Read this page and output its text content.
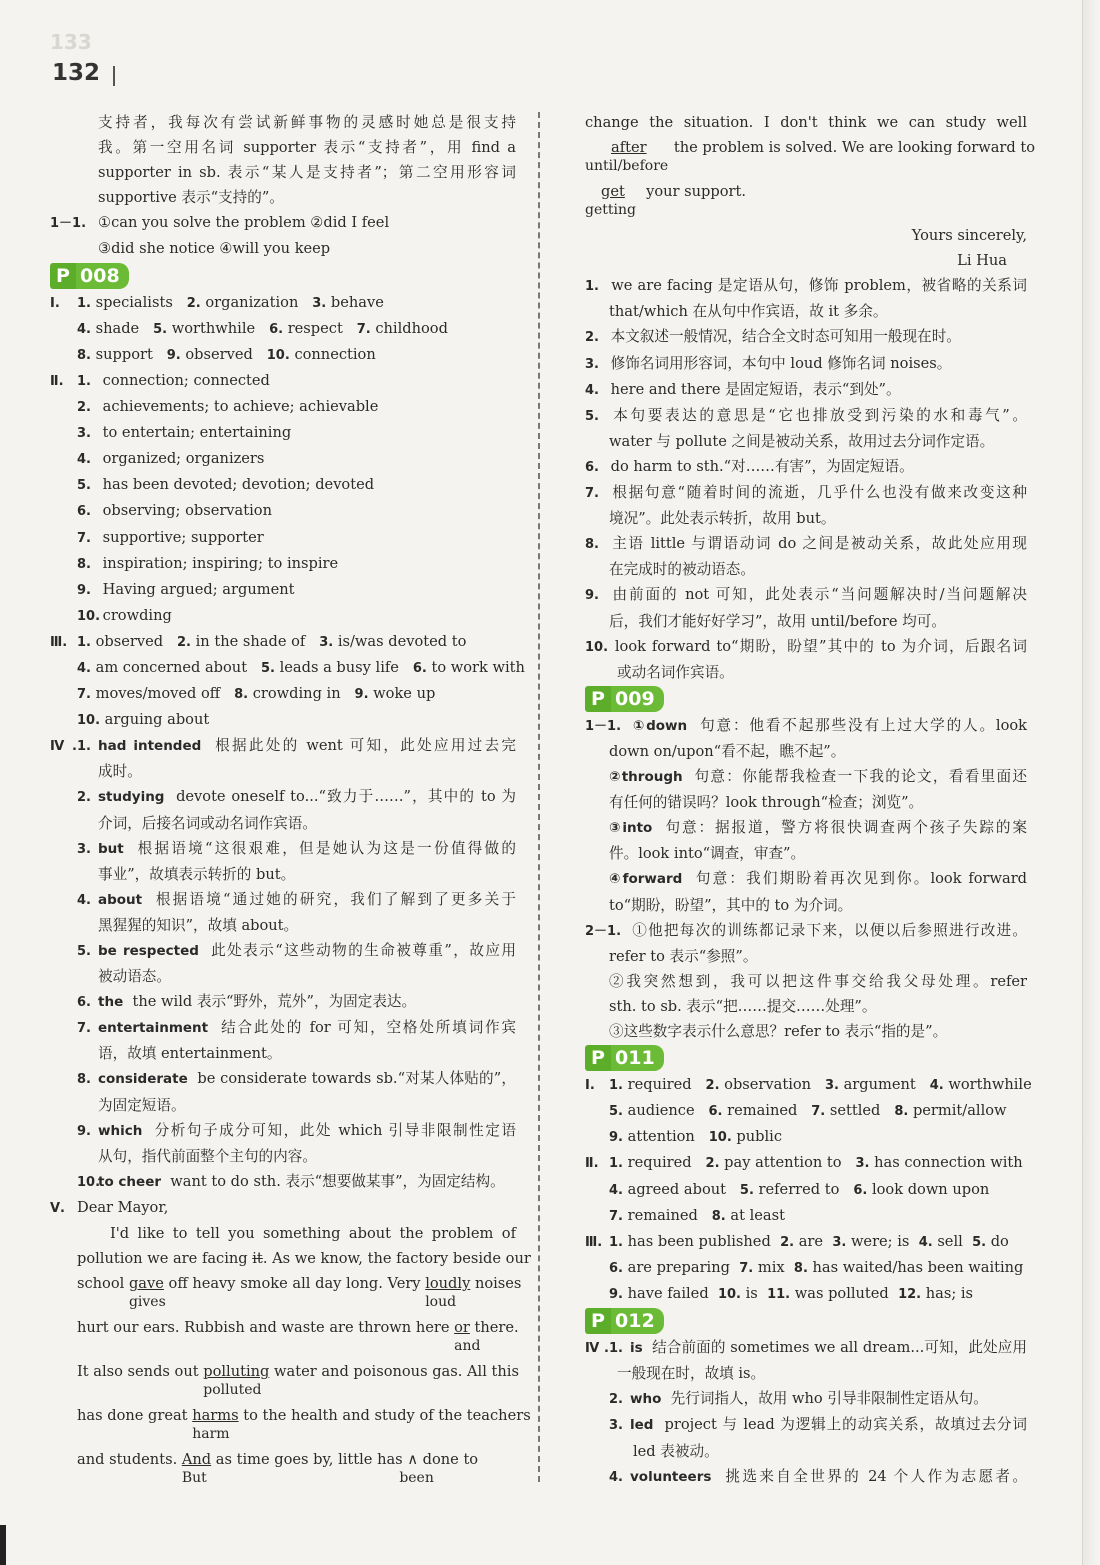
133
132
支持者，我每次有尝试新鲜事物的灵感时她总是很支持
我。第一空用名词 supporter 表示“支持者”，用 find a
supporter in sb. 表示“某人是支持者”；第二空用形容词
supportive 表示“支持的”。
1－1. ①can you solve the problem ②did I feel
③did she notice ④will you keep
P 008
Ⅰ. 1. specialists 2. organization 3. behave
4. shade 5. worthwhile 6. respect 7. childhood
8. support 9. observed 10. connection
Ⅱ. 1. connection; connected
2. achievements; to achieve; achievable
3. to entertain; entertaining
4. organized; organizers
5. has been devoted; devotion; devoted
6. observing; observation
7. supportive; supporter
8. inspiration; inspiring; to inspire
9. Having argued; argument
10. crowding
Ⅲ. 1. observed 2. in the shade of 3. is/was devoted to
4. am concerned about 5. leads a busy life 6. to work with
7. moves/moved off 8. crowding in 9. woke up
10. arguing about
Ⅳ.1. had intended 根据此处的 went 可知，此处应用过去完
成时。
2. studying devote oneself to...“致力于……”，其中的 to 为
介词，后接名词或动名词作宾语。
3. but 根据语境“这很艰难，但是她认为这是一份值得做的
事业”，故填表示转折的 but。
4. about 根据语境“通过她的研究，我们了解到了更多关于
黑猩猩的知识”，故填 about。
5. be respected 此处表示“这些动物的生命被尊重”，故应用
被动语态。
6. the the wild 表示“野外，荒外”，为固定表达。
7. entertainment 结合此处的 for 可知，空格处所填词作宾
语，故填 entertainment。
8. considerate be considerate towards sb.“对某人体贴的”，
为固定短语。
9. which 分析句子成分可知，此处 which 引导非限制性定语
从句，指代前面整个主句的内容。
10.to cheer want to do sth. 表示“想要做某事”，为固定结构。
Ⅴ. Dear Mayor,
I'd like to tell you something about the problem of
pollution we are facing it. As we know, the factory beside our
school gave
gives
off heavy smoke all day long. Very loudly
loud
noises
hurt our ears. Rubbish and waste are thrown here or
and
there.
It also sends out polluting
polluted
water and poisonous gas. All this
has done great harms
harm
to the health and study of the teachers
and students. And
But
as time goes by, little has ∧
been
done to
change the situation. I don't think we can study well
after
until/before
the problem is solved. We are looking forward to
get
getting
your support.
Yours sincerely,
Li Hua
1. we are facing 是定语从句，修饰 problem，被省略的关系词
that/which 在从句中作宾语，故 it 多余。
2. 本文叙述一般情况，结合全文时态可知用一般现在时。
3. 修饰名词用形容词，本句中 loud 修饰名词 noises。
4. here and there 是固定短语，表示“到处”。
5. 本句要表达的意思是“它也排放受到污染的水和毒气”。
water 与 pollute 之间是被动关系，故用过去分词作定语。
6. do harm to sth.“对……有害”，为固定短语。
7. 根据句意“随着时间的流逝，几乎什么也没有做来改变这种
境况”。此处表示转折，故用 but。
8. 主语 little 与谓语动词 do 之间是被动关系，故此处应用现
在完成时的被动语态。
9. 由前面的 not 可知，此处表示“当问题解决时/当问题解决
后，我们才能好好学习”，故用 until/before 均可。
10. look forward to“期盼，盼望”其中的 to 为介词，后跟名词
或动名词作宾语。
P 009
1－1. ①down 句意：他看不起那些没有上过大学的人。look
down on/upon“看不起，瞧不起”。
②through 句意：你能帮我检查一下我的论文，看看里面还
有任何的错误吗？look through“检查；浏览”。
③into 句意：据报道，警方将很快调查两个孩子失踪的案
件。look into“调查，审查”。
④forward 句意：我们期盼着再次见到你。look forward
to“期盼，盼望”，其中的 to 为介词。
2－1. ①他把每次的训练都记录下来，以便以后参照进行改进。
refer to 表示“参照”。
②我突然想到，我可以把这件事交给我父母处理。refer
sth. to sb. 表示“把……提交……处理”。
③这些数字表示什么意思？refer to 表示“指的是”。
P 011
Ⅰ. 1. required 2. observation 3. argument 4. worthwhile
5. audience 6. remained 7. settled 8. permit/allow
9. attention 10. public
Ⅱ. 1. required 2. pay attention to 3. has connection with
4. agreed about 5. referred to 6. look down upon
7. remained 8. at least
Ⅲ. 1. has been published 2. are 3. were; is 4. sell 5. do
6. are preparing 7. mix 8. has waited/has been waiting
9. have failed 10. is 11. was polluted 12. has; is
P 012
Ⅳ.1. is 结合前面的 sometimes we all dream...可知，此处应用
一般现在时，故填 is。
2. who 先行词指人，故用 who 引导非限制性定语从句。
3. led project 与 lead 为逻辑上的动宾关系，故填过去分词
led 表被动。
4. volunteers 挑选来自全世界的 24 个人作为志愿者。
